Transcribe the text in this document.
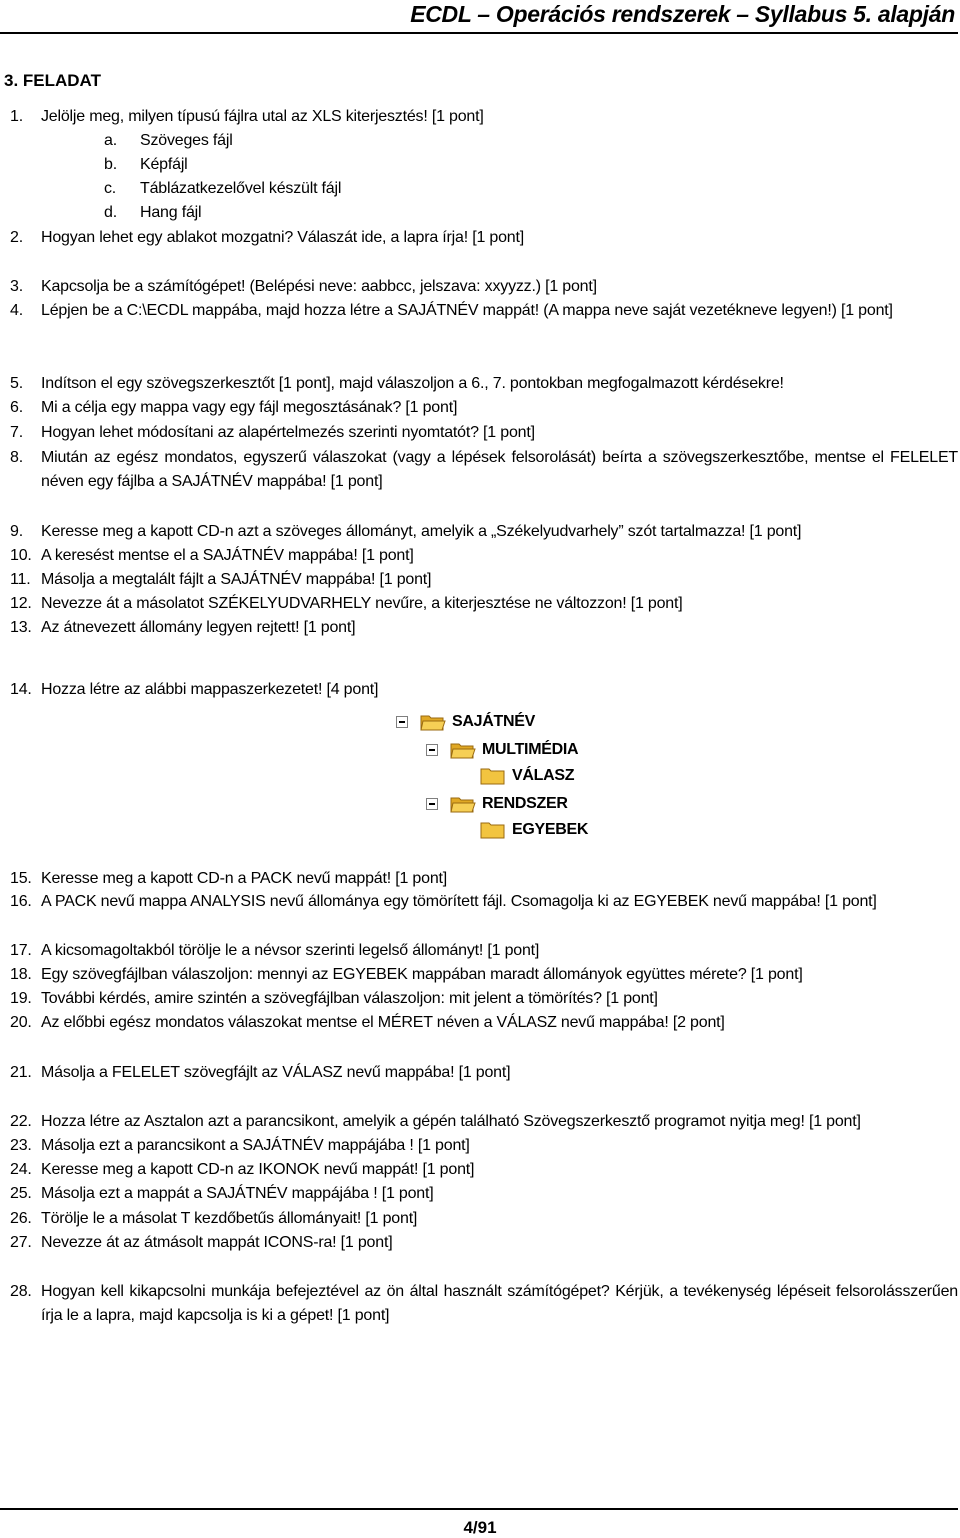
ECDL – Operációs rendszerek – Syllabus 5. alapján
3. FELADAT
1.	Jelölje meg, milyen típusú fájlra utal az XLS kiterjesztés! [1 pont]
a.	Szöveges fájl
b.	Képfájl
c.	Táblázatkezelővel készült fájl
d.	Hang fájl
2.	Hogyan lehet egy ablakot mozgatni? Válaszát ide, a lapra írja! [1 pont]
3.	Kapcsolja be a számítógépet! (Belépési neve: aabbcc, jelszava: xxyyzz.) [1 pont]
4.	Lépjen be a C:\ECDL mappába, majd hozza létre a SAJÁTNÉV mappát! (A mappa neve saját vezetékneve legyen!) [1 pont]
5.	Indítson el egy szövegszerkesztőt [1 pont], majd válaszoljon a 6., 7. pontokban megfogalmazott kérdésekre!
6.	Mi a célja egy mappa vagy egy fájl megosztásának? [1 pont]
7.	Hogyan lehet módosítani az alapértelmezés szerinti nyomtatót? [1 pont]
8.	Miután az egész mondatos, egyszerű válaszokat (vagy a lépések felsorolását) beírta a szövegszerkesztőbe, mentse el FELELET néven egy fájlba a SAJÁTNÉV mappába! [1 pont]
9.	Keresse meg a kapott CD-n azt a szöveges állományt, amelyik a „Székelyudvarhely” szót tartalmazza! [1 pont]
10. A keresést mentse el a SAJÁTNÉV mappába! [1 pont]
11. Másolja a megtalált fájlt a SAJÁTNÉV mappába! [1 pont]
12. Nevezze át a másolatot SZÉKELYUDVARHELY nevűre, a kiterjesztése ne változzon! [1 pont]
13. Az átnevezett állomány legyen rejtett! [1 pont]
14. Hozza létre az alábbi mappaszerkezetet! [4 pont]
SAJÁTNÉV
MULTIMÉDIA
VÁLASZ
RENDSZER
EGYEBEK
15. Keresse meg a kapott CD-n a PACK nevű mappát! [1 pont]
16. A PACK nevű mappa ANALYSIS nevű állománya egy tömörített fájl. Csomagolja ki az EGYEBEK nevű mappába! [1 pont]
17. A kicsomagoltakból törölje le a névsor szerinti legelső állományt! [1 pont]
18. Egy szövegfájlban válaszoljon: mennyi az EGYEBEK mappában maradt állományok együttes mérete? [1 pont]
19. További kérdés, amire szintén a szövegfájlban válaszoljon: mit jelent a tömörítés? [1 pont]
20. Az előbbi egész mondatos válaszokat mentse el MÉRET néven a VÁLASZ nevű mappába! [2 pont]
21. Másolja a FELELET szövegfájlt az VÁLASZ nevű mappába! [1 pont]
22. Hozza létre az Asztalon azt a parancsikont, amelyik a gépén található Szövegszerkesztő programot nyitja meg! [1 pont]
23. Másolja ezt a parancsikont a SAJÁTNÉV mappájába ! [1 pont]
24. Keresse meg a kapott CD-n az IKONOK nevű mappát! [1 pont]
25. Másolja ezt a mappát a SAJÁTNÉV mappájába ! [1 pont]
26. Törölje le a másolat T kezdőbetűs állományait! [1 pont]
27. Nevezze át az átmásolt mappát ICONS-ra! [1 pont]
28. Hogyan kell kikapcsolni munkája befejeztével az ön által használt számítógépet? Kérjük, a tevékenység lépéseit felsorolásszerűen írja le a lapra, majd kapcsolja is ki a gépet! [1 pont]
4/91
